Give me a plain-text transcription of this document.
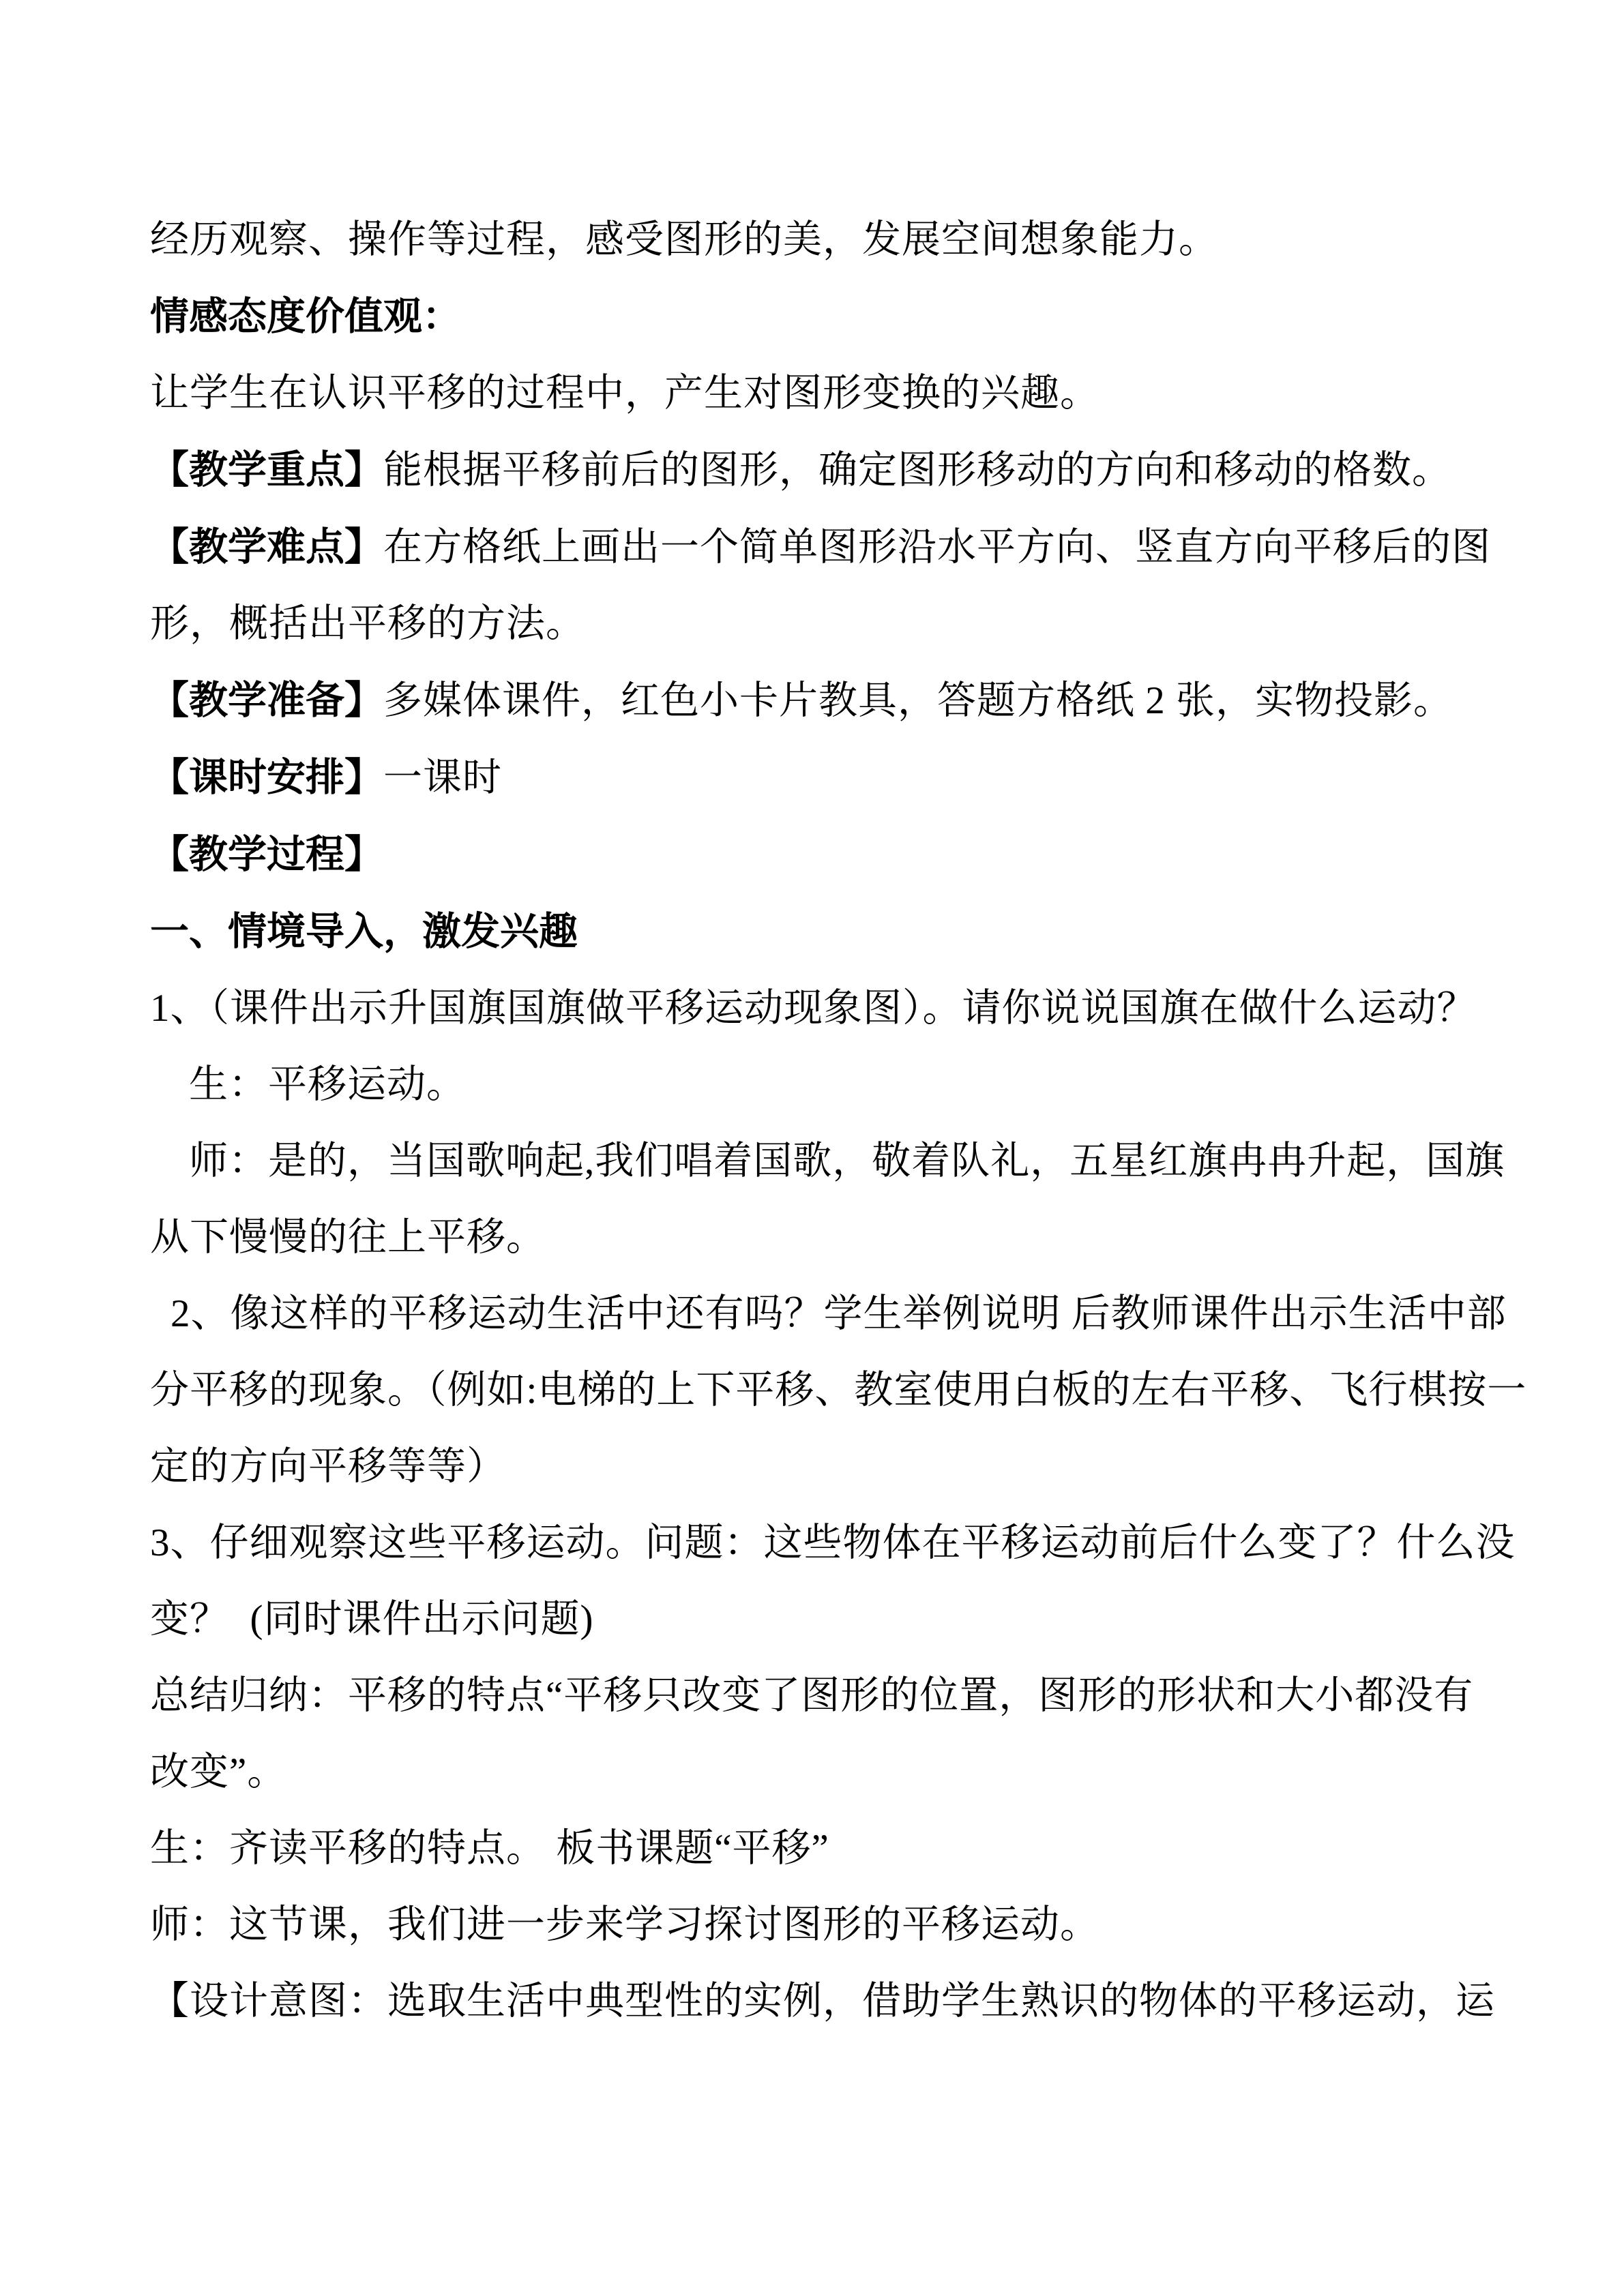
经历观察、操作等过程，感受图形的美，发展空间想象能力。

情感态度价值观：

让学生在认识平移的过程中，产生对图形变换的兴趣。

【教学重点】能根据平移前后的图形，确定图形移动的方向和移动的格数。

【教学难点】在方格纸上画出一个简单图形沿水平方向、竖直方向平移后的图

形，概括出平移的方法。

【教学准备】多媒体课件，红色小卡片教具，答题方格纸 2 张，实物投影。

【课时安排】一课时

【教学过程】

一、情境导入，激发兴趣

1、（课件出示升国旗国旗做平移运动现象图）。请你说说国旗在做什么运动？

生：平移运动。

师：是的，当国歌响起,我们唱着国歌，敬着队礼，五星红旗冉冉升起，国旗

从下慢慢的往上平移。

2、像这样的平移运动生活中还有吗？学生举例说明 后教师课件出示生活中部

分平移的现象。（例如:电梯的上下平移、教室使用白板的左右平移、飞行棋按一

定的方向平移等等）

3、仔细观察这些平移运动。问题：这些物体在平移运动前后什么变了？什么没

变？  (同时课件出示问题)

总结归纳：平移的特点“平移只改变了图形的位置，图形的形状和大小都没有

改变”。

生：齐读平移的特点。 板书课题“平移”

师：这节课，我们进一步来学习探讨图形的平移运动。

【设计意图：选取生活中典型性的实例，借助学生熟识的物体的平移运动，运
